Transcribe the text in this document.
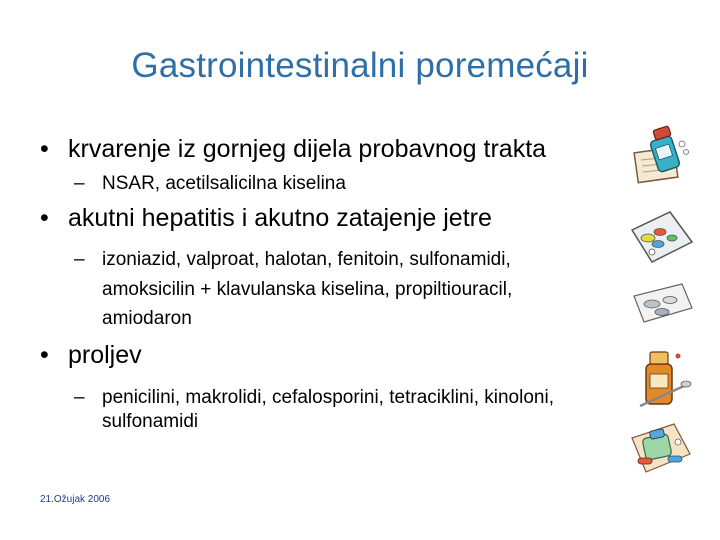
Gastrointestinalni poremećaji
• krvarenje iz gornjeg dijela probavnog trakta
– NSAR, acetilsalicilna kiselina
• akutni hepatitis i akutno zatajenje jetre
– izoniazid, valproat, halotan, fenitoin, sulfonamidi,
amoksicilin + klavulanska kiselina, propiltiouracil,
amiodaron
• proljev
– penicilini, makrolidi, cefalosporini, tetraciklini, kinoloni,
sulfonamidi
21.Ožujak 2006
